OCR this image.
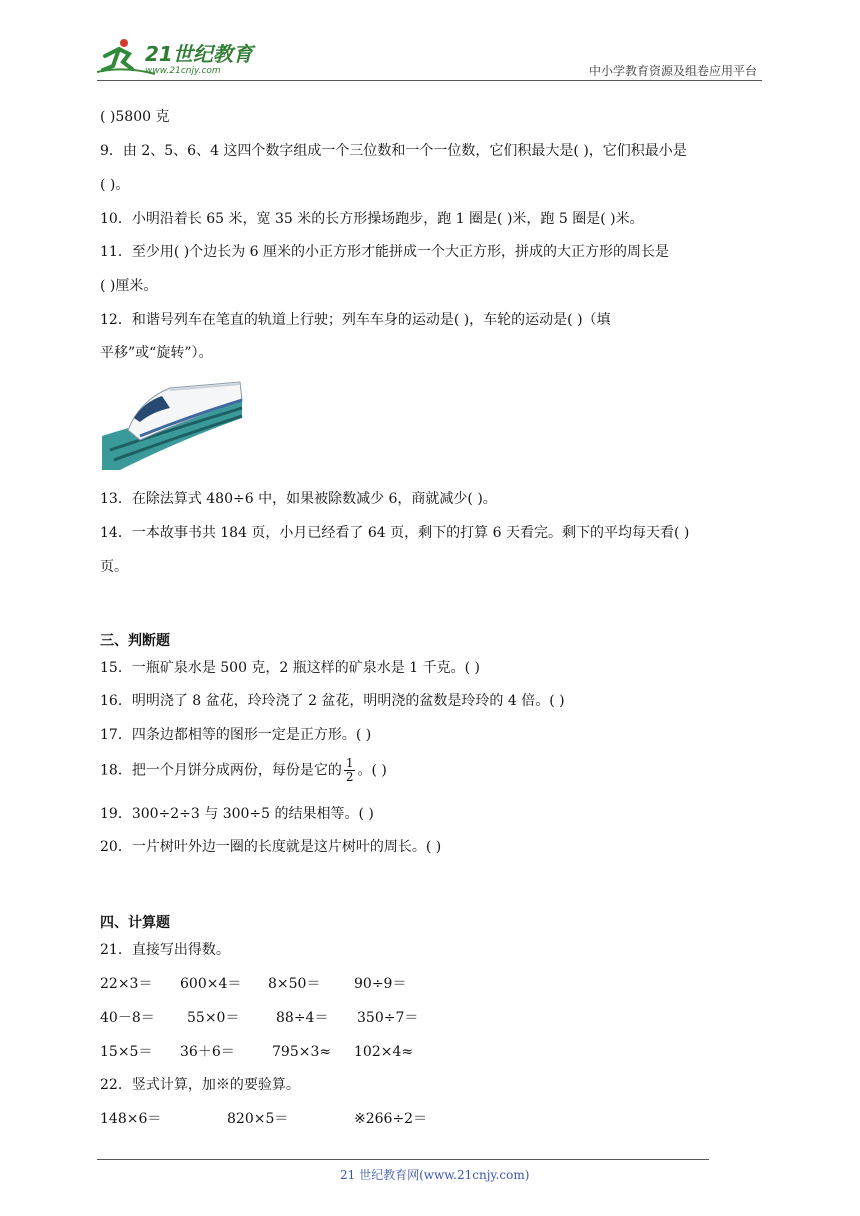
21世纪教育
www.21cnjy.com	中小学教育资源及组卷应用平台
( )5800 克
9．由 2、5、6、4 这四个数字组成一个三位数和一个一位数，它们积最大是( )，它们积最小是
( )。
10．小明沿着长 65 米，宽 35 米的长方形操场跑步，跑 1 圈是( )米，跑 5 圈是( )米。
11．至少用( )个边长为 6 厘米的小正方形才能拼成一个大正方形，拼成的大正方形的周长是
( )厘米。
12．和谐号列车在笔直的轨道上行驶；列车车身的运动是( )，车轮的运动是( )（填
平移”或“旋转”）。
13．在除法算式 480÷6 中，如果被除数减少 6，商就减少( )。
14．一本故事书共 184 页，小月已经看了 64 页，剩下的打算 6 天看完。剩下的平均每天看( )
页。
三、判断题
15．一瓶矿泉水是 500 克，2 瓶这样的矿泉水是 1 千克。( )
16．明明浇了 8 盆花，玲玲浇了 2 盆花，明明浇的盆数是玲玲的 4 倍。( )
17．四条边都相等的图形一定是正方形。( )
18．把一个月饼分成两份，每份是它的 $\frac{1}{2}$ 。( )
19．300÷2÷3 与 300÷5 的结果相等。( )
20．一片树叶外边一圈的长度就是这片树叶的周长。( )
四、计算题
21．直接写出得数。
22×3＝ 600×4＝ 8×50＝ 90÷9＝
40－8＝ 55×0＝	88÷4＝ 350÷7＝
15×5＝ 36＋6＝	795×3≈ 102×4≈
22．竖式计算，加※的要验算。
148×6＝	820×5＝	※266÷2＝
21 世纪教育网(www.21cnjy.com)
